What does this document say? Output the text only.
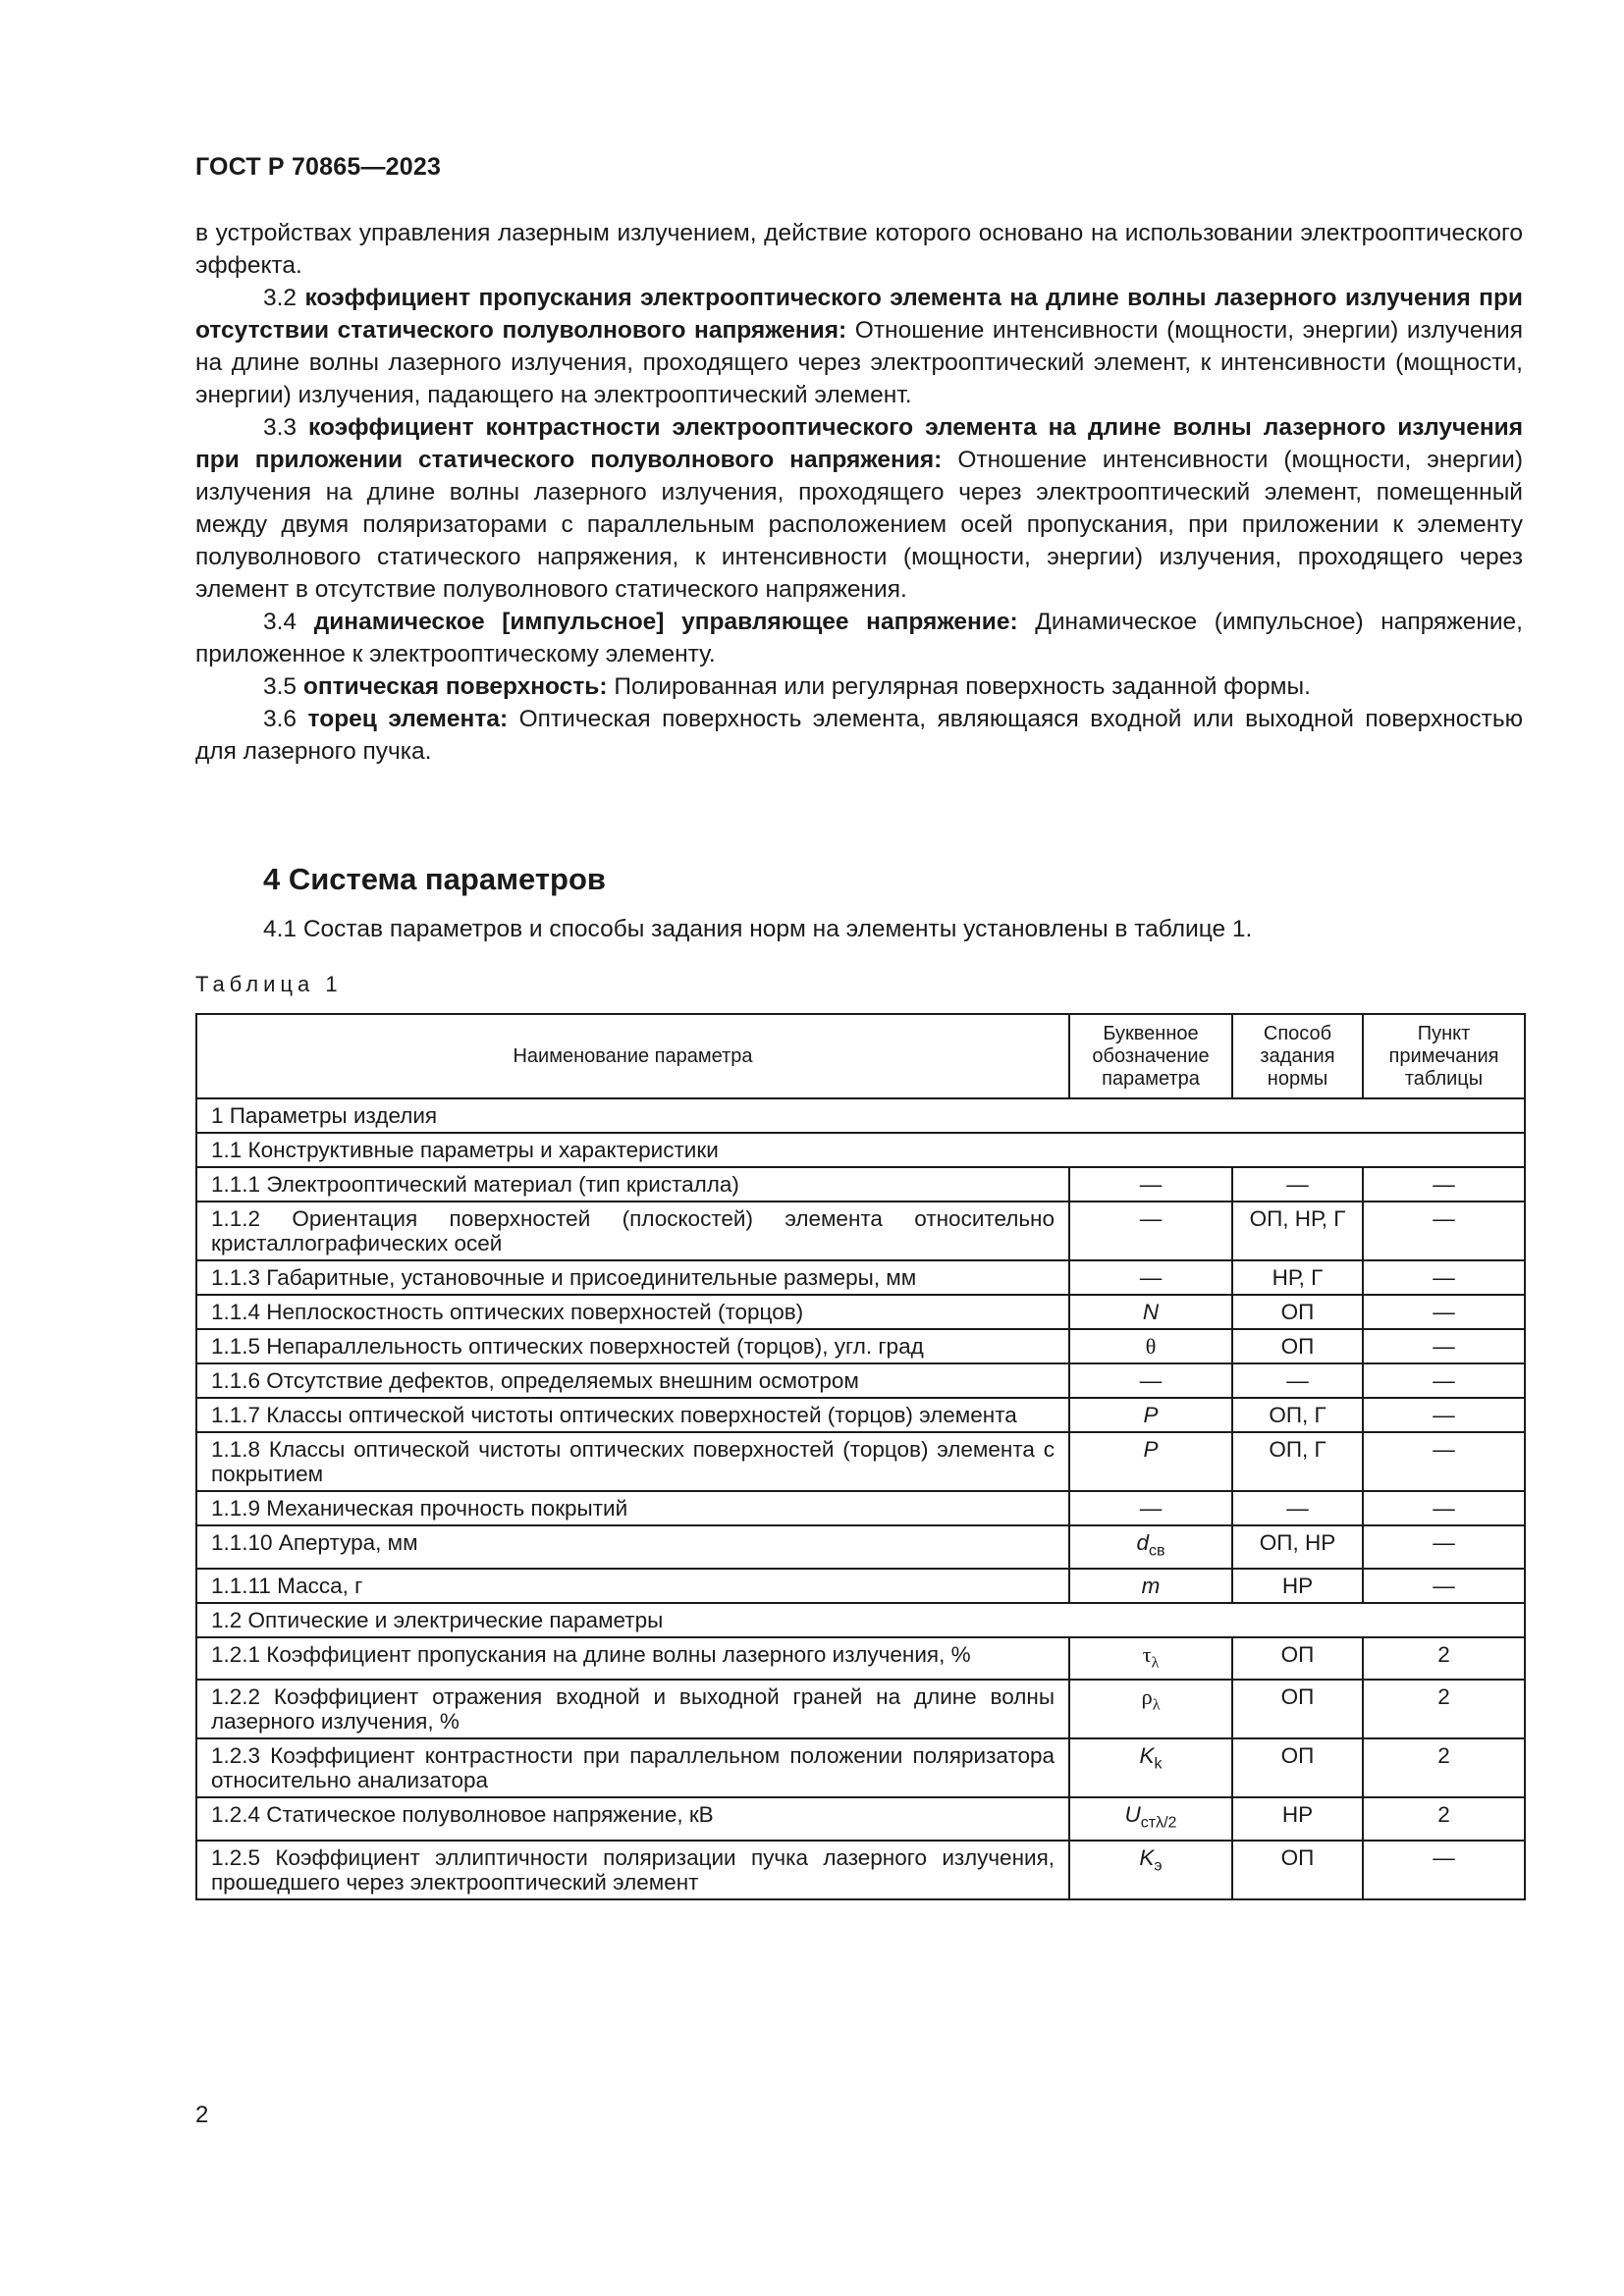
ГОСТ Р 70865—2023

в устройствах управления лазерным излучением, действие которого основано на использовании электрооптического эффекта.

3.2 коэффициент пропускания электрооптического элемента на длине волны лазерного излучения при отсутствии статического полуволнового напряжения: Отношение интенсивности (мощности, энергии) излучения на длине волны лазерного излучения, проходящего через электрооптический элемент, к интенсивности (мощности, энергии) излучения, падающего на электрооптический элемент.

3.3 коэффициент контрастности электрооптического элемента на длине волны лазерного излучения при приложении статического полуволнового напряжения: Отношение интенсивности (мощности, энергии) излучения на длине волны лазерного излучения, проходящего через электрооптический элемент, помещенный между двумя поляризаторами с параллельным расположением осей пропускания, при приложении к элементу полуволнового статического напряжения, к интенсивности (мощности, энергии) излучения, проходящего через элемент в отсутствие полуволнового статического напряжения.

3.4 динамическое [импульсное] управляющее напряжение: Динамическое (импульсное) напряжение, приложенное к электрооптическому элементу.

3.5 оптическая поверхность: Полированная или регулярная поверхность заданной формы.

3.6 торец элемента: Оптическая поверхность элемента, являющаяся входной или выходной поверхностью для лазерного пучка.

4 Система параметров
4.1 Состав параметров и способы задания норм на элементы установлены в таблице 1.
Таблица 1
Наименование параметра	Буквенное обозначение параметра	Способ задания нормы	Пункт примечания таблицы
1 Параметры изделия			
1.1 Конструктивные параметры и характеристики			
1.1.1 Электрооптический материал (тип кристалла)	—	—	—
1.1.2 Ориентация поверхностей (плоскостей) элемента относительно кристаллографических осей	—	ОП, НР, Г	—
1.1.3 Габаритные, установочные и присоединительные размеры, мм	—	НР, Г	—
1.1.4 Неплоскостность оптических поверхностей (торцов)	N	ОП	—
1.1.5 Непараллельность оптических поверхностей (торцов), угл. град	θ	ОП	—
1.1.6 Отсутствие дефектов, определяемых внешним осмотром	—	—	—
1.1.7 Классы оптической чистоты оптических поверхностей (торцов) элемента	P	ОП, Г	—
1.1.8 Классы оптической чистоты оптических поверхностей (торцов) элемента с покрытием	P	ОП, Г	—
1.1.9 Механическая прочность покрытий	—	—	—
1.1.10 Апертура, мм	$d_{св}$	ОП, НР	—
1.1.11 Масса, г	m	НР	—
1.2 Оптические и электрические параметры			
1.2.1 Коэффициент пропускания на длине волны лазерного излучения, %	$\tau_\lambda$	ОП	2
1.2.2 Коэффициент отражения входной и выходной граней на длине волны лазерного излучения, %	$\rho_\lambda$	ОП	2
1.2.3 Коэффициент контрастности при параллельном положении поляризатора относительно анализатора	$K_k$	ОП	2
1.2.4 Статическое полуволновое напряжение, кВ	$U_{ст\lambda/2}$	НР	2
1.2.5 Коэффициент эллиптичности поляризации пучка лазерного излучения, прошедшего через электрооптический элемент	$K_э$	ОП	—
2
